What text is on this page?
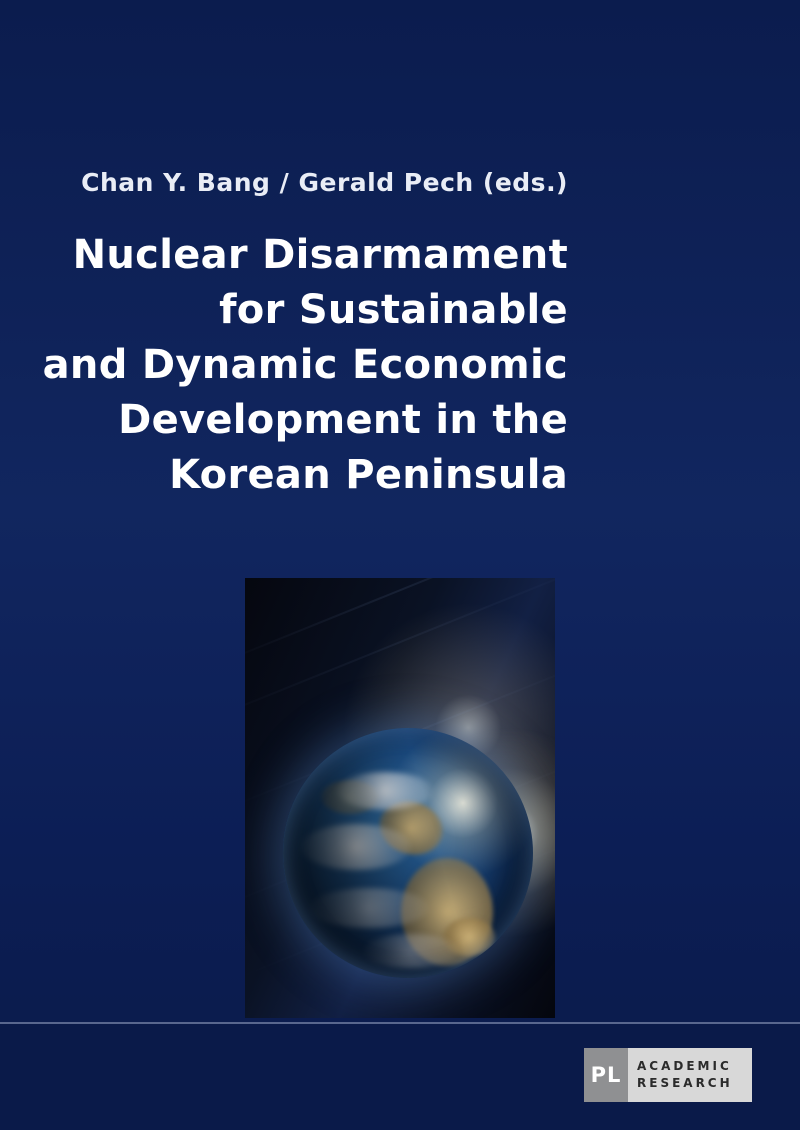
Chan Y. Bang / Gerald Pech (eds.)
Nuclear Disarmament
for Sustainable
and Dynamic Economic
Development in the
Korean Peninsula
PL	ACADEMIC
RESEARCH
